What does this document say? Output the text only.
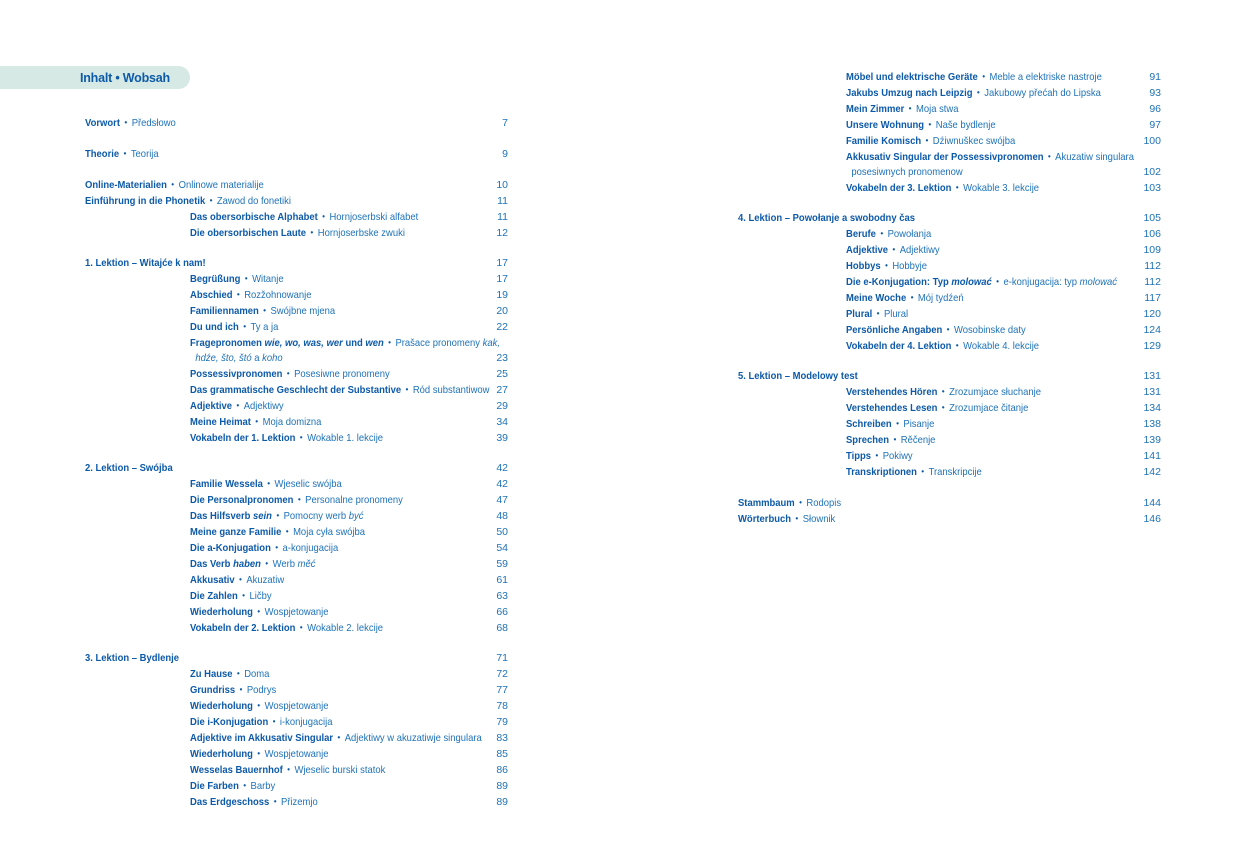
Inhalt • Wobsah
Vorwort • Předsłowo	7
Theorie • Teorija	9
Online-Materialien • Onlinowe materialije	10
Einführung in die Phonetik • Zawod do fonetiki	11
Das obersorbische Alphabet • Hornjoserbski alfabet	11
Die obersorbischen Laute • Hornjoserbske zwuki	12
1. Lektion – Witajće k nam!	17
Begrüßung • Witanje	17
Abschied • Rozžohnowanje	19
Familiennamen • Swójbne mjena	20
Du und ich • Ty a ja	22
Fragepronomen wie, wo, was, wer und wen • Prašace pronomeny kak,
hdźe, što, štó a koho	23
Possessivpronomen • Posesiwne pronomeny	25
Das grammatische Geschlecht der Substantive • Ród substantiwow 27
Adjektive • Adjektiwy	29
Meine Heimat • Moja domizna	34
Vokabeln der 1. Lektion • Wokable 1. lekcije	39
2. Lektion – Swójba	42
Familie Wessela • Wjeselic swójba	42
Die Personalpronomen • Personalne pronomeny	47
Das Hilfsverb sein • Pomocny werb być	48
Meine ganze Familie • Moja cyła swójba	50
Die a-Konjugation • a-konjugacija	54
Das Verb haben • Werb měć	59
Akkusativ • Akuzatiw	61
Die Zahlen • Ličby	63
Wiederholung • Wospjetowanje	66
Vokabeln der 2. Lektion • Wokable 2. lekcije	68
3. Lektion – Bydlenje	71
Zu Hause • Doma	72
Grundriss • Podrys	77
Wiederholung • Wospjetowanje	78
Die i-Konjugation • i-konjugacija	79
Adjektive im Akkusativ Singular • Adjektiwy w akuzatiwje singulara 83
Wiederholung • Wospjetowanje	85
Wesselas Bauernhof • Wjeselic burski statok	86
Die Farben • Barby	89
Das Erdgeschoss • Přizemjo	89
Möbel und elektrische Geräte • Meble a elektriske nastroje	91
Jakubs Umzug nach Leipzig • Jakubowy přećah do Lipska	93
Mein Zimmer • Moja stwa	96
Unsere Wohnung • Naše bydlenje	97
Familie Komisch • Dźiwnuškec swójba	100
Akkusativ Singular der Possessivpronomen • Akuzatiw singulara
posesiwnych pronomenow	102
Vokabeln der 3. Lektion • Wokable 3. lekcije	103
4. Lektion – Powołanje a swobodny čas	105
Berufe • Powołanja	106
Adjektive • Adjektiwy	109
Hobbys • Hobbyje	112
Die e-Konjugation: Typ molować • e-konjugacija: typ molować	112
Meine Woche • Mój tydźeń	117
Plural • Plural	120
Persönliche Angaben • Wosobinske daty	124
Vokabeln der 4. Lektion • Wokable 4. lekcije	129
5. Lektion – Modelowy test	131
Verstehendes Hören • Zrozumjace słuchanje	131
Verstehendes Lesen • Zrozumjace čitanje	134
Schreiben • Pisanje	138
Sprechen • Rěčenje	139
Tipps • Pokiwy	141
Transkriptionen • Transkripcije	142
Stammbaum • Rodopis	144
Wörterbuch • Słownik	146
